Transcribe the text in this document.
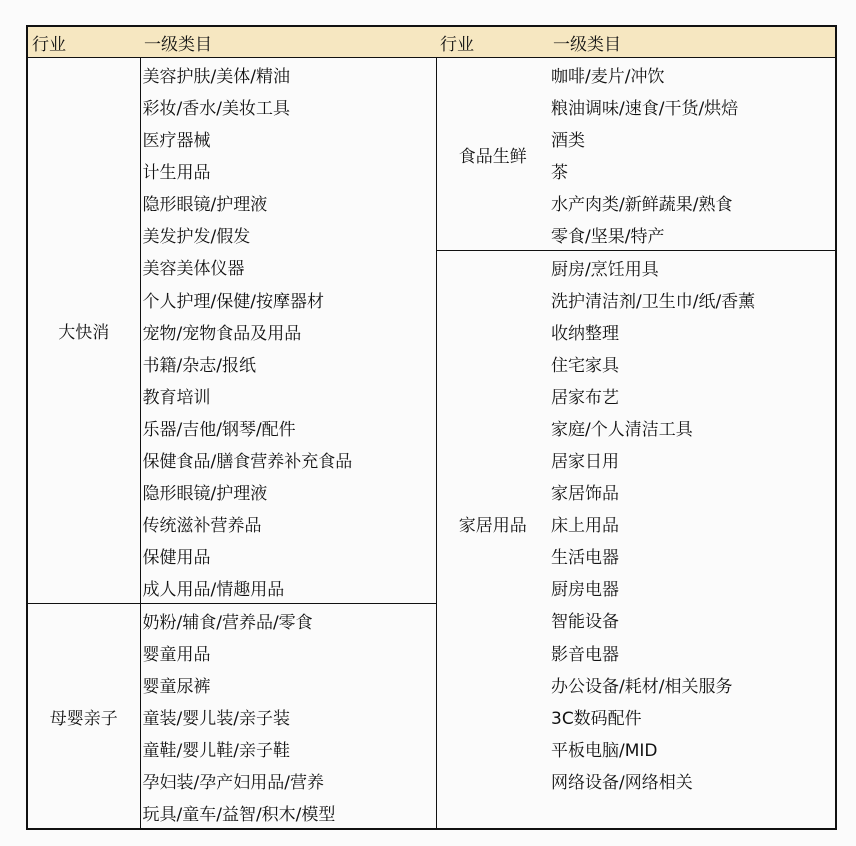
行业	一级类目	行业	一级类目
大快消	美容护肤/美体/精油	食品生鲜	咖啡/麦片/冲饮
	彩妆/香水/美妆工具		粮油调味/速食/干货/烘焙
	医疗器械		酒类
	计生用品		茶
	隐形眼镜/护理液		水产肉类/新鲜蔬果/熟食
	美发护发/假发		零食/坚果/特产
	美容美体仪器	家居用品	厨房/烹饪用具
	个人护理/保健/按摩器材		洗护清洁剂/卫生巾/纸/香薰
	宠物/宠物食品及用品		收纳整理
	书籍/杂志/报纸		住宅家具
	教育培训		居家布艺
	乐器/吉他/钢琴/配件		家庭/个人清洁工具
	保健食品/膳食营养补充食品		居家日用
	隐形眼镜/护理液		家居饰品
	传统滋补营养品		床上用品
	保健用品		生活电器
	成人用品/情趣用品		厨房电器
母婴亲子	奶粉/辅食/营养品/零食		智能设备
	婴童用品		影音电器
	婴童尿裤		办公设备/耗材/相关服务
	童装/婴儿装/亲子装		3C数码配件
	童鞋/婴儿鞋/亲子鞋		平板电脑/MID
	孕妇装/孕产妇用品/营养		网络设备/网络相关
	玩具/童车/益智/积木/模型		
